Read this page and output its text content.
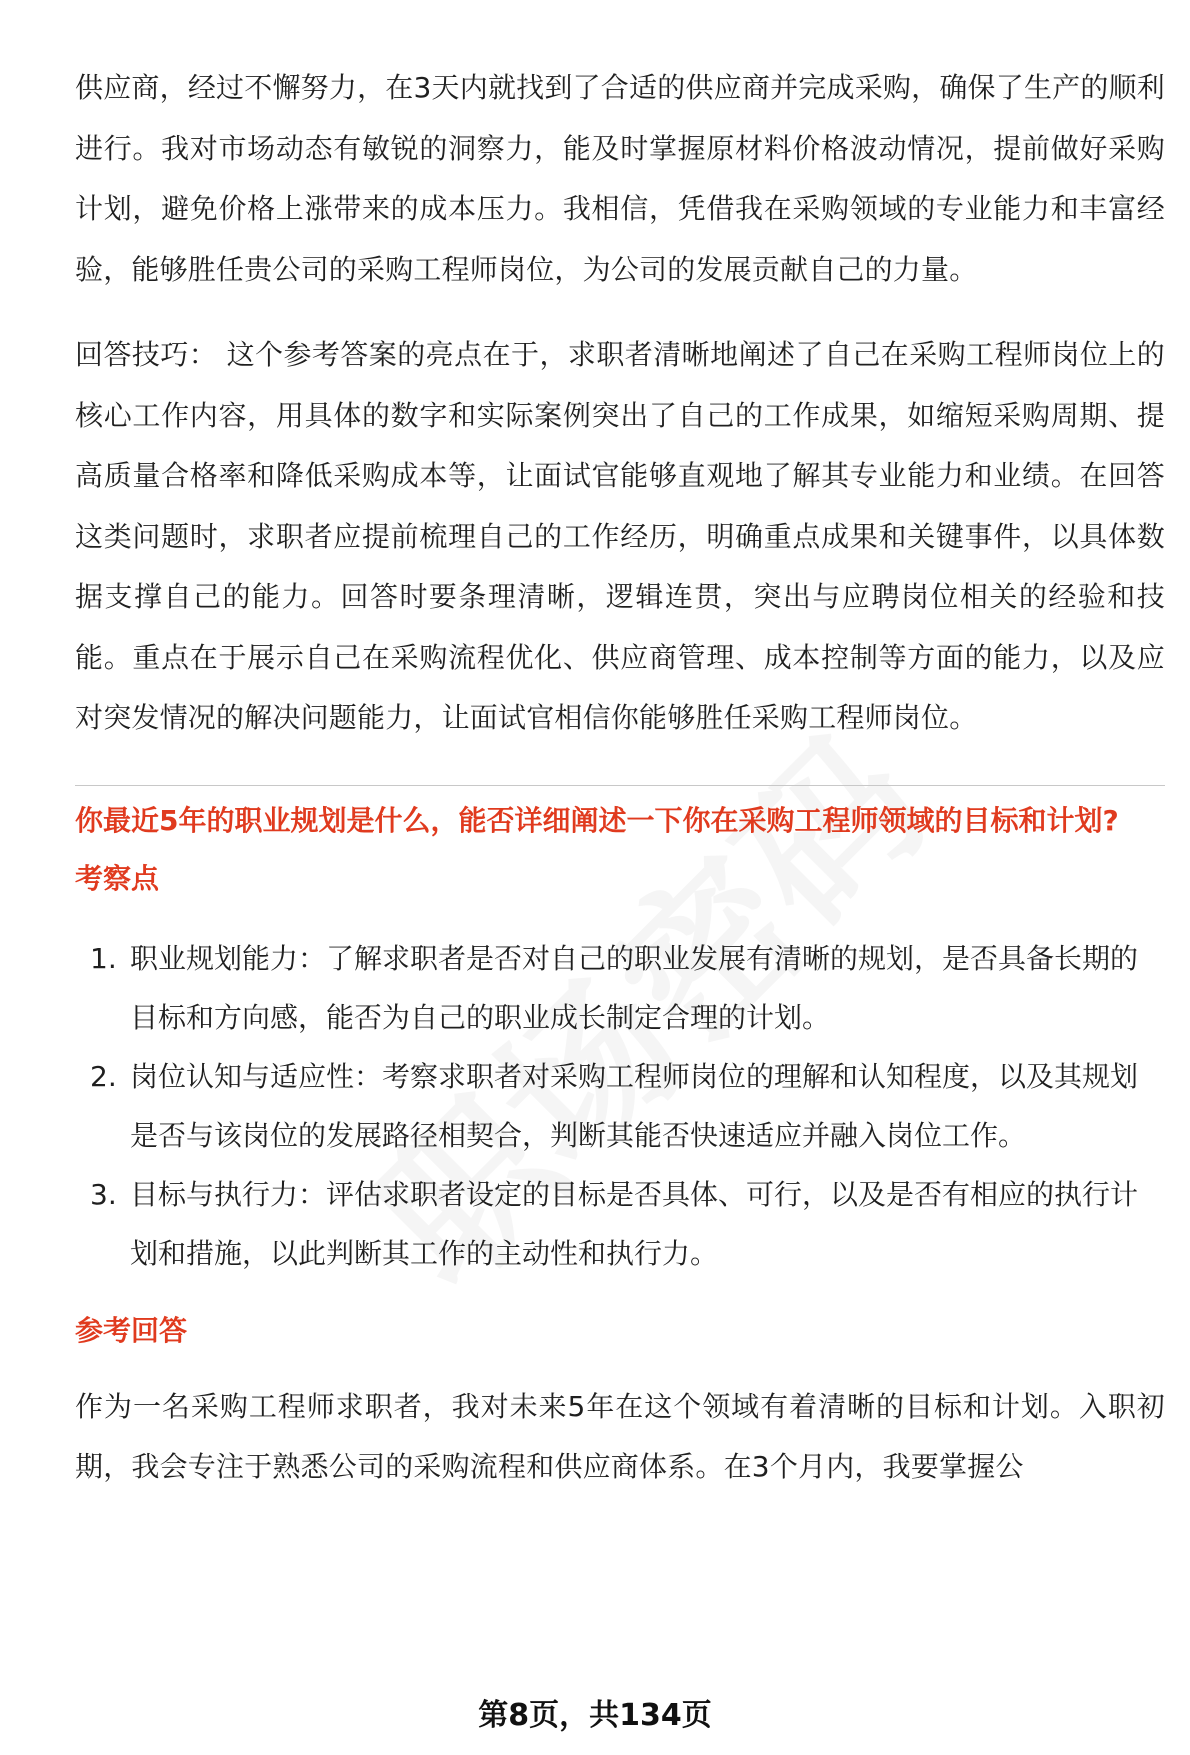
供应商，经过不懈努力，在3天内就找到了合适的供应商并完成采购，确保了生产的顺利进行。我对市场动态有敏锐的洞察力，能及时掌握原材料价格波动情况，提前做好采购计划，避免价格上涨带来的成本压力。我相信，凭借我在采购领域的专业能力和丰富经验，能够胜任贵公司的采购工程师岗位，为公司的发展贡献自己的力量。

回答技巧： 这个参考答案的亮点在于，求职者清晰地阐述了自己在采购工程师岗位上的核心工作内容，用具体的数字和实际案例突出了自己的工作成果，如缩短采购周期、提高质量合格率和降低采购成本等，让面试官能够直观地了解其专业能力和业绩。在回答这类问题时，求职者应提前梳理自己的工作经历，明确重点成果和关键事件，以具体数据支撑自己的能力。回答时要条理清晰，逻辑连贯，突出与应聘岗位相关的经验和技能。重点在于展示自己在采购流程优化、供应商管理、成本控制等方面的能力，以及应对突发情况的解决问题能力，让面试官相信你能够胜任采购工程师岗位。

你最近5年的职业规划是什么，能否详细阐述一下你在采购工程师领域的目标和计划?

考察点
1. 职业规划能力：了解求职者是否对自己的职业发展有清晰的规划，是否具备长期的目标和方向感，能否为自己的职业成长制定合理的计划。
2. 岗位认知与适应性：考察求职者对采购工程师岗位的理解和认知程度，以及其规划是否与该岗位的发展路径相契合，判断其能否快速适应并融入岗位工作。
3. 目标与执行力：评估求职者设定的目标是否具体、可行，以及是否有相应的执行计划和措施，以此判断其工作的主动性和执行力。
参考回答

作为一名采购工程师求职者，我对未来5年在这个领域有着清晰的目标和计划。入职初期，我会专注于熟悉公司的采购流程和供应商体系。在3个月内，我要掌握公

第8页，共134页
